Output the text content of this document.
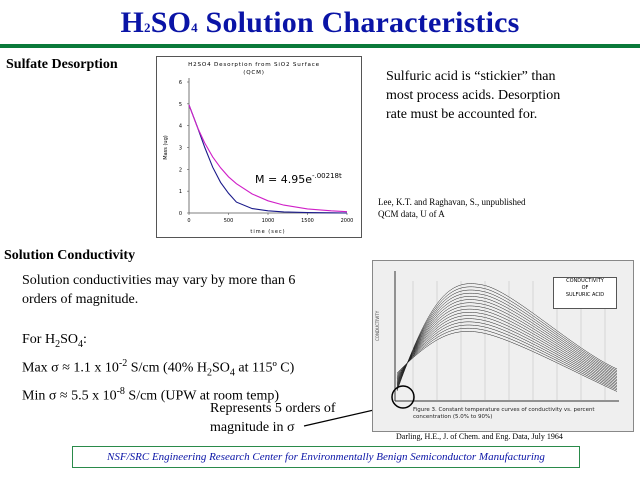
H2SO4 Solution Characteristics
Sulfate Desorption	H2SO4 Desorption from SiO2 Surface
(QCM)
0
1
2
3
4
5
6
0	500	1000	1500	2000
time (sec)
Mass (ug)
$M = 4.95e^{-.00218t}$
Sulfuric acid is “stickier” than
most process acids. Desorption
rate must be accounted for.
Lee, K.T. and Raghavan, S., unpublished
QCM data, U of A
Solution Conductivity
Solution conductivities may vary by more than 6
orders of magnitude.
For $H_2SO_4$:
Max σ ≈ 1.1 x $10^{-2}$ S/cm (40% $H_2SO_4$ at 115º C)
Min σ ≈ 5.5 x $10^{-8}$ S/cm (UPW at room temp)
Represents 5 orders of
magnitude in σ
CONDUCTIVITY
CONDUCTIVITY
OF
SULFURIC ACID
Figure 3. Constant temperature curves of conductivity vs. percent concentration (5.0% to 90%)
Darling, H.E., J. of Chem. and Eng. Data, July 1964
NSF/SRC Engineering Research Center for Environmentally Benign Semiconductor Manufacturing
